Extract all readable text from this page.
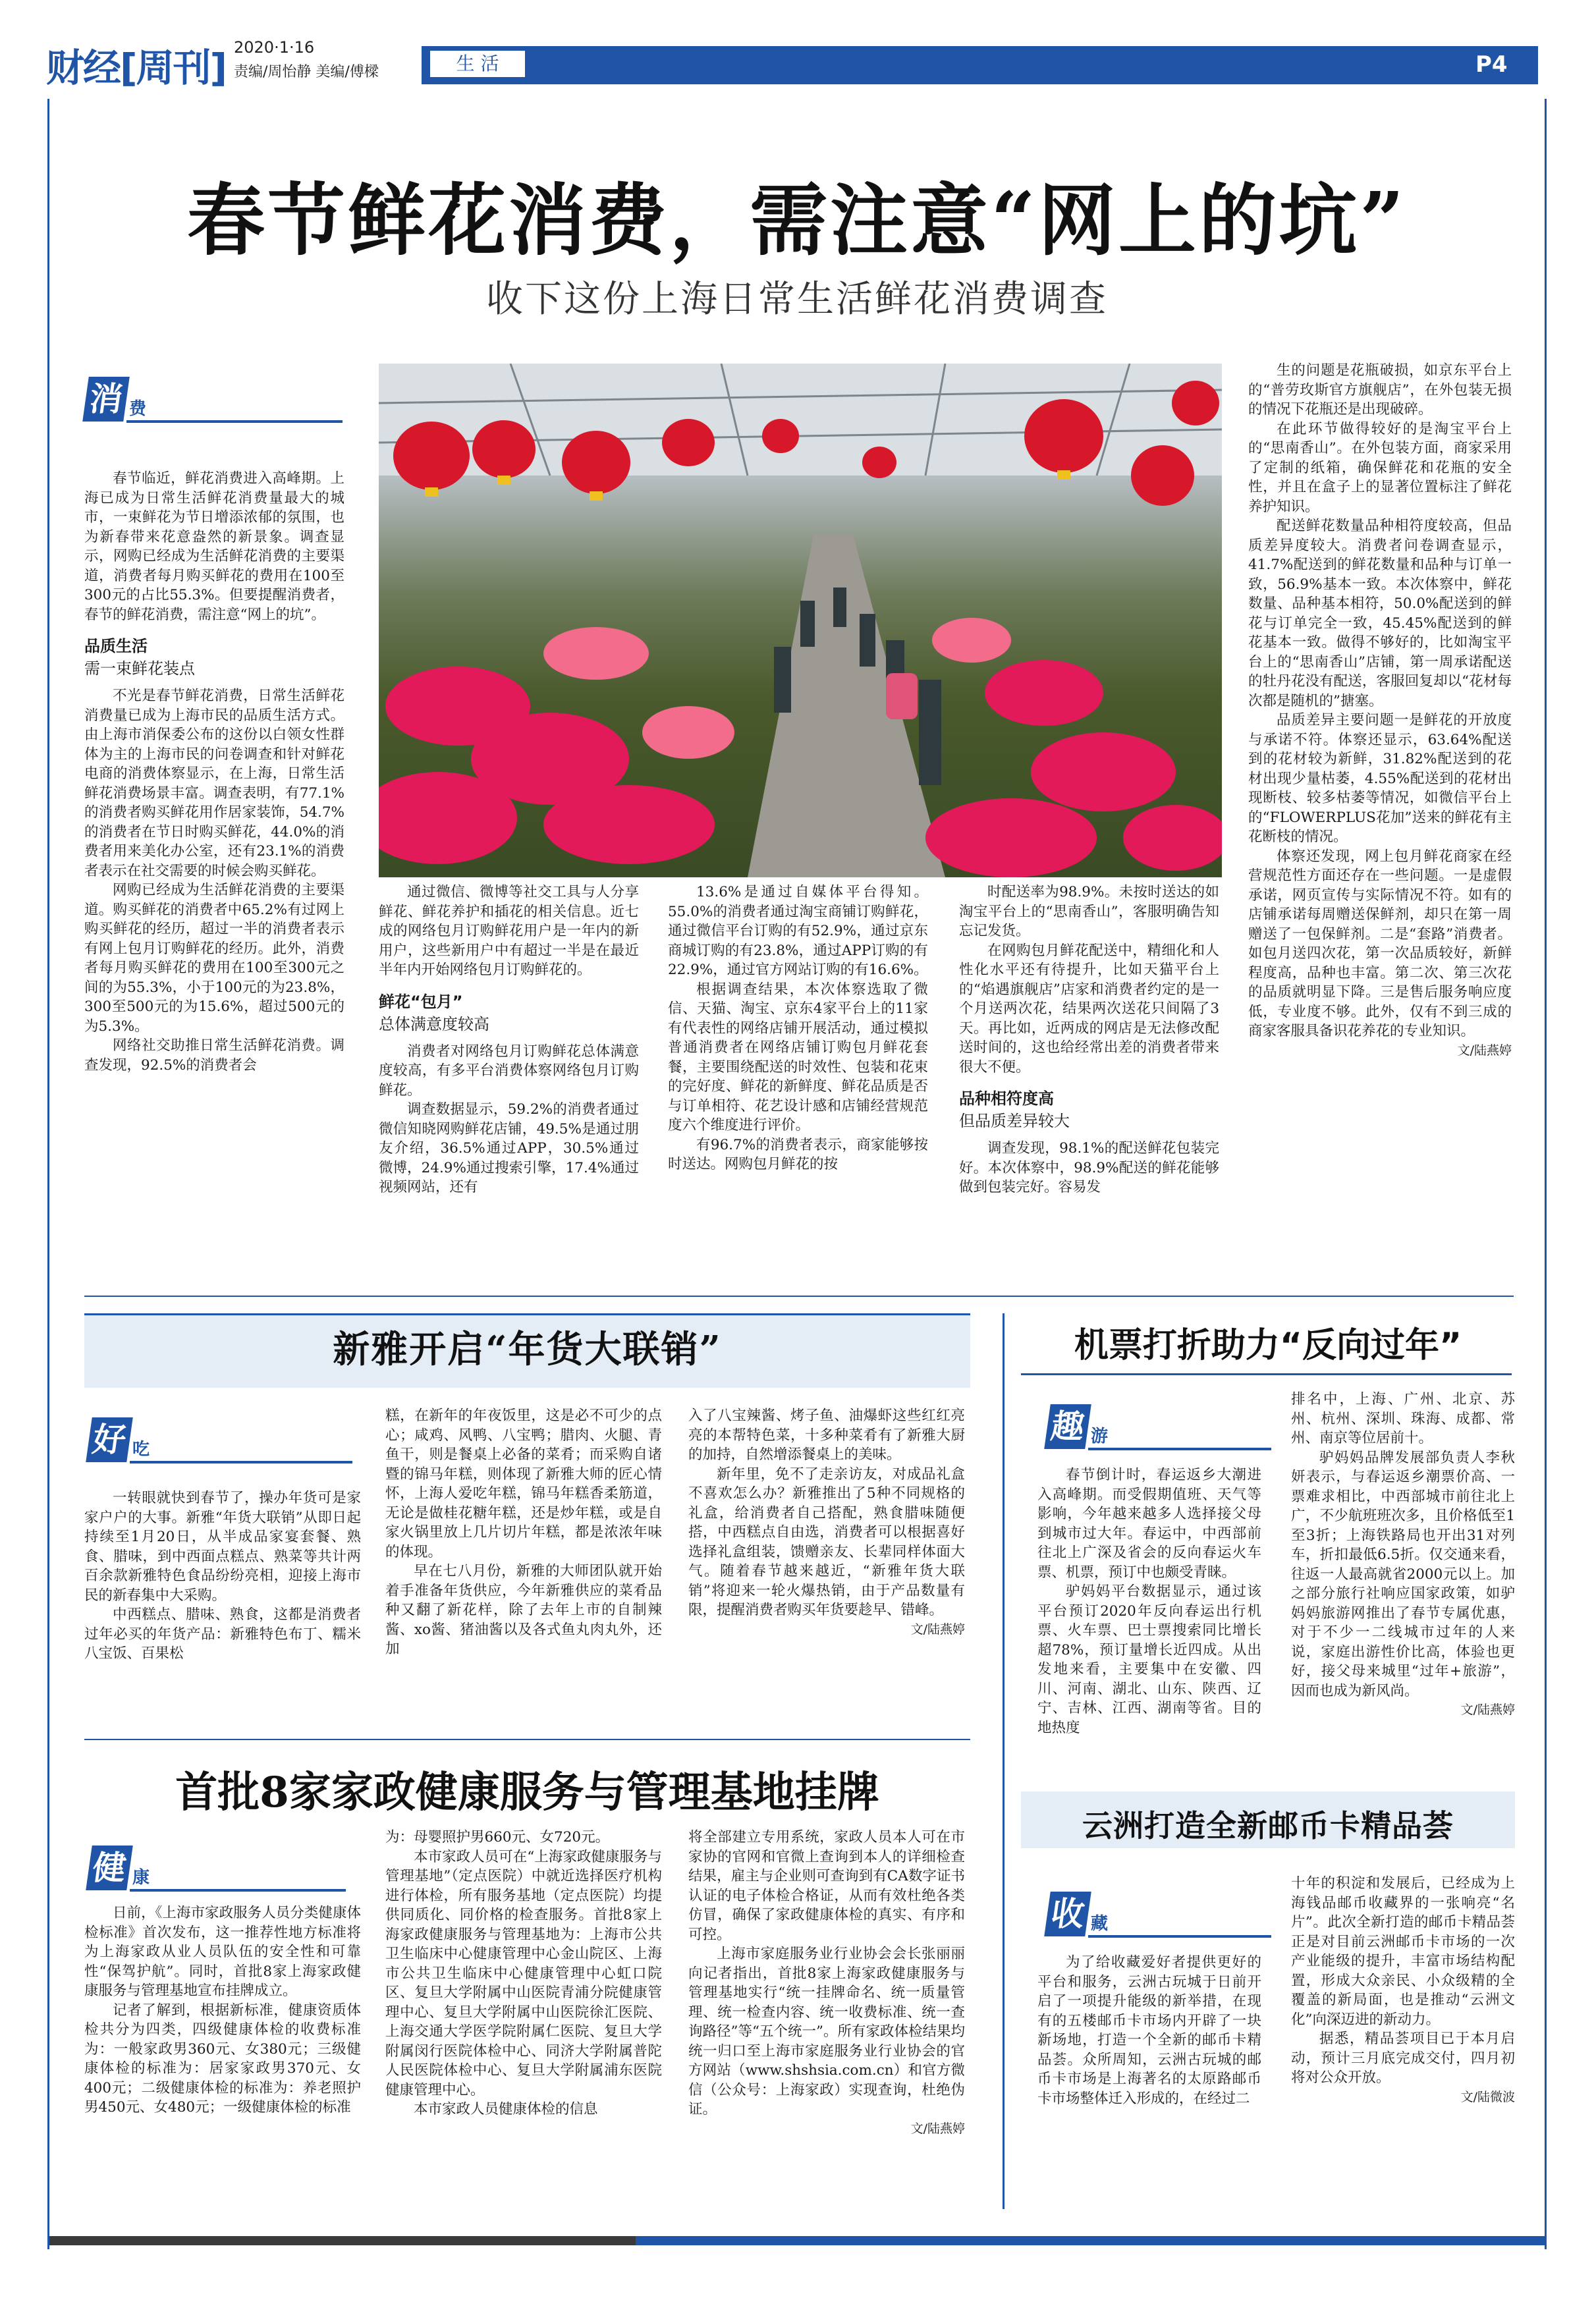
财经[周刊] 2020·1·16
责编/周怡静 美编/傅樑	生 活	P4
春节鲜花消费，需注意“网上的坑”
收下这份上海日常生活鲜花消费调查
消 费

春节临近，鲜花消费进入高峰期。上海已成为日常生活鲜花消费量最大的城市，一束鲜花为节日增添浓郁的氛围，也为新春带来花意盎然的新景象。调查显示，网购已经成为生活鲜花消费的主要渠道，消费者每月购买鲜花的费用在100至300元的占比55.3%。但要提醒消费者，春节的鲜花消费，需注意“网上的坑”。

品质生活
需一束鲜花装点

不光是春节鲜花消费，日常生活鲜花消费量已成为上海市民的品质生活方式。由上海市消保委公布的这份以白领女性群体为主的上海市民的问卷调查和针对鲜花电商的消费体察显示，在上海，日常生活鲜花消费场景丰富。调查表明，有77.1%的消费者购买鲜花用作居家装饰，54.7%的消费者在节日时购买鲜花，44.0%的消费者用来美化办公室，还有23.1%的消费者表示在社交需要的时候会购买鲜花。

网购已经成为生活鲜花消费的主要渠道。购买鲜花的消费者中65.2%有过网上购买鲜花的经历，超过一半的消费者表示有网上包月订购鲜花的经历。此外，消费者每月购买鲜花的费用在100至300元之间的为55.3%，小于100元的为23.8%，300至500元的为15.6%，超过500元的为5.3%。

网络社交助推日常生活鲜花消费。调查发现，92.5%的消费者会

通过微信、微博等社交工具与人分享鲜花、鲜花养护和插花的相关信息。近七成的网络包月订购鲜花用户是一年内的新用户，这些新用户中有超过一半是在最近半年内开始网络包月订购鲜花的。

鲜花“包月”
总体满意度较高

消费者对网络包月订购鲜花总体满意度较高，有多平台消费体察网络包月订购鲜花。

调查数据显示，59.2%的消费者通过微信知晓网购鲜花店铺，49.5%是通过朋友介绍，36.5%通过APP，30.5%通过微博，24.9%通过搜索引擎，17.4%通过视频网站，还有

13.6%是通过自媒体平台得知。55.0%的消费者通过淘宝商铺订购鲜花，通过微信平台订购的有52.9%，通过京东商城订购的有23.8%，通过APP订购的有22.9%，通过官方网站订购的有16.6%。

根据调查结果，本次体察选取了微信、天猫、淘宝、京东4家平台上的11家有代表性的网络店铺开展活动，通过模拟普通消费者在网络店铺订购包月鲜花套餐，主要围绕配送的时效性、包装和花束的完好度、鲜花的新鲜度、鲜花品质是否与订单相符、花艺设计感和店铺经营规范度六个维度进行评价。

有96.7%的消费者表示，商家能够按时送达。网购包月鲜花的按

时配送率为98.9%。未按时送达的如淘宝平台上的“思南香山”，客服明确告知忘记发货。

在网购包月鲜花配送中，精细化和人性化水平还有待提升，比如天猫平台上的“焰遇旗舰店”店家和消费者约定的是一个月送两次花，结果两次送花只间隔了3天。再比如，近两成的网店是无法修改配送时间的，这也给经常出差的消费者带来很大不便。

品种相符度高
但品质差异较大

调查发现，98.1%的配送鲜花包装完好。本次体察中，98.9%配送的鲜花能够做到包装完好。容易发

生的问题是花瓶破损，如京东平台上的“普劳玫斯官方旗舰店”，在外包装无损的情况下花瓶还是出现破碎。

在此环节做得较好的是淘宝平台上的“思南香山”。在外包装方面，商家采用了定制的纸箱，确保鲜花和花瓶的安全性，并且在盒子上的显著位置标注了鲜花养护知识。

配送鲜花数量品种相符度较高，但品质差异度较大。消费者问卷调查显示，41.7%配送到的鲜花数量和品种与订单一致，56.9%基本一致。本次体察中，鲜花数量、品种基本相符，50.0%配送到的鲜花与订单完全一致，45.45%配送到的鲜花基本一致。做得不够好的，比如淘宝平台上的“思南香山”店铺，第一周承诺配送的牡丹花没有配送，客服回复却以“花材每次都是随机的”搪塞。

品质差异主要问题一是鲜花的开放度与承诺不符。体察还显示，63.64%配送到的花材较为新鲜，31.82%配送到的花材出现少量枯萎，4.55%配送到的花材出现断枝、较多枯萎等情况，如微信平台上的“FLOWERPLUS花加”送来的鲜花有主花断枝的情况。

体察还发现，网上包月鲜花商家在经营规范性方面还存在一些问题。一是虚假承诺，网页宣传与实际情况不符。如有的店铺承诺每周赠送保鲜剂，却只在第一周赠送了一包保鲜剂。二是“套路”消费者。如包月送四次花，第一次品质较好，新鲜程度高，品种也丰富。第二次、第三次花的品质就明显下降。三是售后服务响应度低，专业度不够。此外，仅有不到三成的商家客服具备识花养花的专业知识。

文/陆燕婷

新雅开启“年货大联销”
好 吃

一转眼就快到春节了，操办年货可是家家户户的大事。新雅“年货大联销”从即日起持续至1月20日，从半成品家宴套餐、熟食、腊味，到中西面点糕点、熟菜等共计两百余款新雅特色食品纷纷亮相，迎接上海市民的新春集中大采购。

中西糕点、腊味、熟食，这都是消费者过年必买的年货产品：新雅特色布丁、糯米八宝饭、百果松

糕，在新年的年夜饭里，这是必不可少的点心；咸鸡、风鸭、八宝鸭；腊肉、火腿、青鱼干，则是餐桌上必备的菜肴；而采购自诸暨的锦马年糕，则体现了新雅大师的匠心情怀，上海人爱吃年糕，锦马年糕香柔筋道，无论是做桂花糖年糕，还是炒年糕，或是自家火锅里放上几片切片年糕，都是浓浓年味的体现。

早在七八月份，新雅的大师团队就开始着手准备年货供应，今年新雅供应的菜肴品种又翻了新花样，除了去年上市的自制辣酱、xo酱、猪油酱以及各式鱼丸肉丸外，还加

入了八宝辣酱、烤子鱼、油爆虾这些红红亮亮的本帮特色菜，十多种菜肴有了新雅大厨的加持，自然增添餐桌上的美味。

新年里，免不了走亲访友，对成品礼盒不喜欢怎么办？新雅推出了5种不同规格的礼盒，给消费者自己搭配，熟食腊味随便搭，中西糕点自由选，消费者可以根据喜好选择礼盒组装，馈赠亲友、长辈同样体面大气。随着春节越来越近，“新雅年货大联销”将迎来一轮火爆热销，由于产品数量有限，提醒消费者购买年货要趁早、错峰。

文/陆燕婷

机票打折助力“反向过年”
趣 游

春节倒计时，春运返乡大潮进入高峰期。而受假期值班、天气等影响，今年越来越多人选择接父母到城市过大年。春运中，中西部前往北上广深及省会的反向春运火车票、机票，预订中也颇受青睐。

驴妈妈平台数据显示，通过该平台预订2020年反向春运出行机票、火车票、巴士票搜索同比增长超78%，预订量增长近四成。从出发地来看，主要集中在安徽、四川、河南、湖北、山东、陕西、辽宁、吉林、江西、湖南等省。目的地热度

排名中，上海、广州、北京、苏州、杭州、深圳、珠海、成都、常州、南京等位居前十。

驴妈妈品牌发展部负责人李秋妍表示，与春运返乡潮票价高、一票难求相比，中西部城市前往北上广，不少航班班次多，且价格低至1至3折；上海铁路局也开出31对列车，折扣最低6.5折。仅交通来看，往返一人最高就省2000元以上。加之部分旅行社响应国家政策，如驴妈妈旅游网推出了春节专属优惠，对于不少一二线城市过年的人来说，家庭出游性价比高，体验也更好，接父母来城里“过年+旅游”，因而也成为新风尚。

文/陆燕婷

首批8家家政健康服务与管理基地挂牌
健 康

日前，《上海市家政服务人员分类健康体检标准》首次发布，这一推荐性地方标准将为上海家政从业人员队伍的安全性和可靠性“保驾护航”。同时，首批8家上海家政健康服务与管理基地宣布挂牌成立。

记者了解到，根据新标准，健康资质体检共分为四类，四级健康体检的收费标准为：一般家政男360元、女380元；三级健康体检的标准为：居家家政男370元、女400元；二级健康体检的标准为：养老照护男450元、女480元；一级健康体检的标准

为：母婴照护男660元、女720元。

本市家政人员可在“上海家政健康服务与管理基地”（定点医院）中就近选择医疗机构进行体检，所有服务基地（定点医院）均提供同质化、同价格的检查服务。首批8家上海家政健康服务与管理基地为：上海市公共卫生临床中心健康管理中心金山院区、上海市公共卫生临床中心健康管理中心虹口院区、复旦大学附属中山医院青浦分院健康管理中心、复旦大学附属中山医院徐汇医院、上海交通大学医学院附属仁医院、复旦大学附属闵行医院体检中心、同济大学附属普陀人民医院体检中心、复旦大学附属浦东医院健康管理中心。

本市家政人员健康体检的信息

将全部建立专用系统，家政人员本人可在市家协的官网和官微上查询到本人的详细检查结果，雇主与企业则可查询到有CA数字证书认证的电子体检合格证，从而有效杜绝各类仿冒，确保了家政健康体检的真实、有序和可控。

上海市家庭服务业行业协会会长张丽丽向记者指出，首批8家上海家政健康服务与管理基地实行“统一挂牌命名、统一质量管理、统一检查内容、统一收费标准、统一查询路径”等“五个统一”。所有家政体检结果均统一归口至上海市家庭服务业行业协会的官方网站（www.shshsia.com.cn）和官方微信（公众号：上海家政）实现查询，杜绝伪证。

文/陆燕婷

云洲打造全新邮币卡精品荟
收 藏

为了给收藏爱好者提供更好的平台和服务，云洲古玩城于日前开启了一项提升能级的新举措，在现有的五楼邮币卡市场内开辟了一块新场地，打造一个全新的邮币卡精品荟。众所周知，云洲古玩城的邮币卡市场是上海著名的太原路邮币卡市场整体迁入形成的，在经过二

十年的积淀和发展后，已经成为上海钱品邮币收藏界的一张响亮“名片”。此次全新打造的邮币卡精品荟正是对目前云洲邮币卡市场的一次产业能级的提升，丰富市场结构配置，形成大众亲民、小众级精的全覆盖的新局面，也是推动“云洲文化”向深迈进的新动力。

据悉，精品荟项目已于本月启动，预计三月底完成交付，四月初将对公众开放。

文/陆微波
